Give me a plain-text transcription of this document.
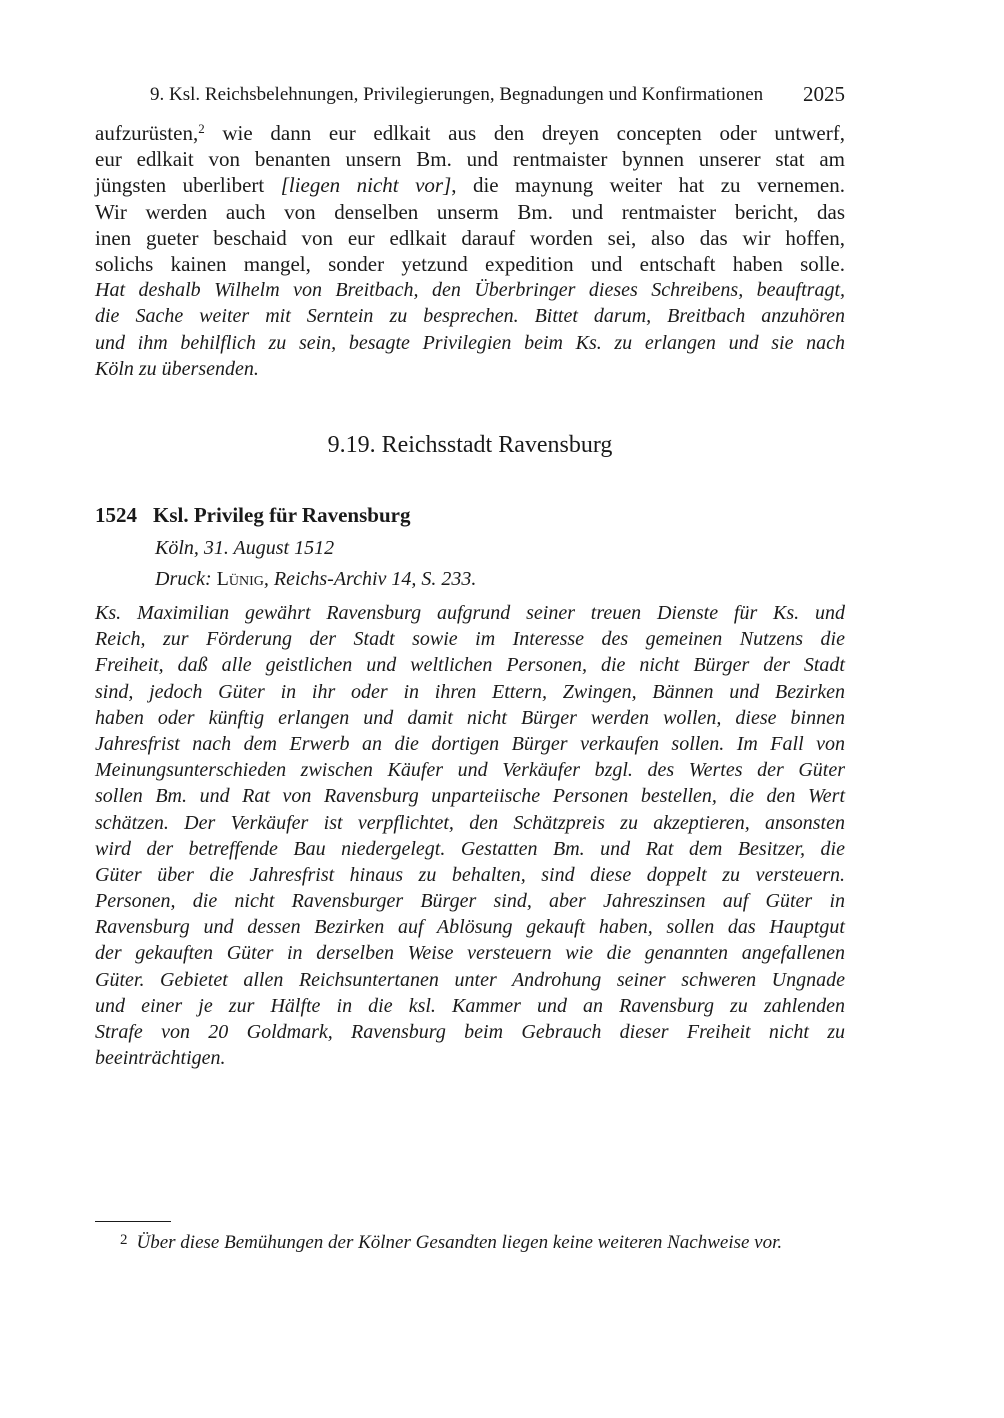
9. Ksl. Reichsbelehnungen, Privilegierungen, Begnadungen und Konfirmationen 2025
aufzurüsten,$^2$ wie dann eur edlkait aus den dreyen concepten oder untwerf,
eur edlkait von benanten unsern Bm. und rentmaister bynnen unserer stat am
jüngsten uberlibert [liegen nicht vor], die maynung weiter hat zu vernemen.
Wir werden auch von denselben unserm Bm. und rentmaister bericht, das
inen gueter beschaid von eur edlkait darauf worden sei, also das wir hoffen,
solichs kainen mangel, sonder yetzund expedition und entschaft haben solle.
Hat deshalb Wilhelm von Breitbach, den Überbringer dieses Schreibens, beauftragt,
die Sache weiter mit Serntein zu besprechen. Bittet darum, Breitbach anzuhören
und ihm behilflich zu sein, besagte Privilegien beim Ks. zu erlangen und sie nach
Köln zu übersenden.
9.19. Reichsstadt Ravensburg
1524 Ksl. Privileg für Ravensburg
Köln, 31. August 1512
Druck: Lünig, Reichs-Archiv 14, S. 233.
Ks. Maximilian gewährt Ravensburg aufgrund seiner treuen Dienste für Ks. und
Reich, zur Förderung der Stadt sowie im Interesse des gemeinen Nutzens die
Freiheit, daß alle geistlichen und weltlichen Personen, die nicht Bürger der Stadt
sind, jedoch Güter in ihr oder in ihren Ettern, Zwingen, Bännen und Bezirken
haben oder künftig erlangen und damit nicht Bürger werden wollen, diese binnen
Jahresfrist nach dem Erwerb an die dortigen Bürger verkaufen sollen. Im Fall von
Meinungsunterschieden zwischen Käufer und Verkäufer bzgl. des Wertes der Güter
sollen Bm. und Rat von Ravensburg unparteiische Personen bestellen, die den Wert
schätzen. Der Verkäufer ist verpflichtet, den Schätzpreis zu akzeptieren, ansonsten
wird der betreffende Bau niedergelegt. Gestatten Bm. und Rat dem Besitzer, die
Güter über die Jahresfrist hinaus zu behalten, sind diese doppelt zu versteuern.
Personen, die nicht Ravensburger Bürger sind, aber Jahreszinsen auf Güter in
Ravensburg und dessen Bezirken auf Ablösung gekauft haben, sollen das Hauptgut
der gekauften Güter in derselben Weise versteuern wie die genannten angefallenen
Güter. Gebietet allen Reichsuntertanen unter Androhung seiner schweren Ungnade
und einer je zur Hälfte in die ksl. Kammer und an Ravensburg zu zahlenden
Strafe von 20 Goldmark, Ravensburg beim Gebrauch dieser Freiheit nicht zu
beeinträchtigen.
$^2$ Über diese Bemühungen der Kölner Gesandten liegen keine weiteren Nachweise vor.
